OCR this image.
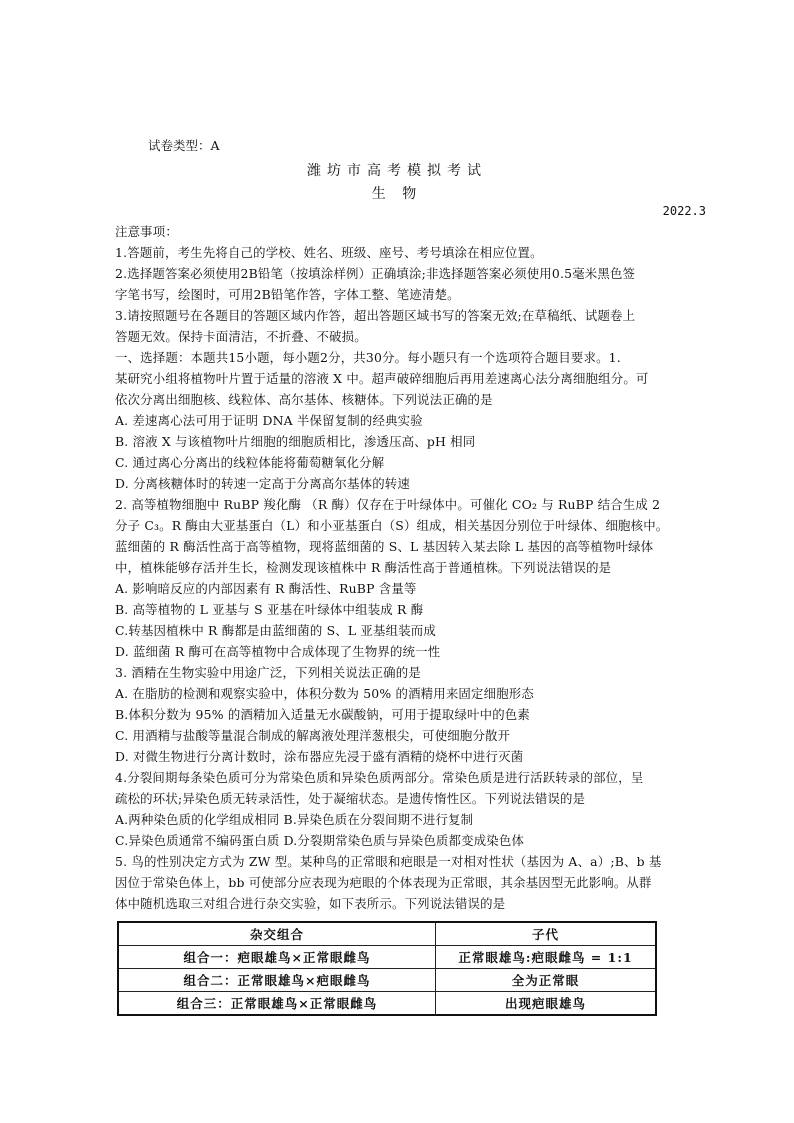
试卷类型：A
潍坊市高考模拟考试
生 物
2022.3
注意事项：
1.答题前，考生先将自己的学校、姓名、班级、座号、考号填涂在相应位置。
2.选择题答案必须使用2B铅笔（按填涂样例）正确填涂;非选择题答案必须使用0.5毫米黑色签
字笔书写，绘图时，可用2B铅笔作答，字体工整、笔迹清楚。
3.请按照题号在各题目的答题区域内作答，超出答题区域书写的答案无效;在草稿纸、试题卷上
答题无效。保持卡面清洁，不折叠、不破损。
一、选择题：本题共15小题，每小题2分，共30分。每小题只有一个选项符合题目要求。1.
某研究小组将植物叶片置于适量的溶液 X 中。超声破碎细胞后再用差速离心法分离细胞组分。可
依次分离出细胞核、线粒体、高尔基体、核糖体。下列说法正确的是
A. 差速离心法可用于证明 DNA 半保留复制的经典实验
B. 溶液 X 与该植物叶片细胞的细胞质相比，渗透压高、pH 相同
C. 通过离心分离出的线粒体能将葡萄糖氧化分解
D. 分离核糖体时的转速一定高于分离高尔基体的转速
2. 高等植物细胞中 RuBP 羧化酶 （R 酶）仅存在于叶绿体中。可催化 CO₂ 与 RuBP 结合生成 2
分子 C₃。R 酶由大亚基蛋白（L）和小亚基蛋白（S）组成，相关基因分别位于叶绿体、细胞核中。
蓝细菌的 R 酶活性高于高等植物，现将蓝细菌的 S、L 基因转入某去除 L 基因的高等植物叶绿体
中，植株能够存活并生长，检测发现该植株中 R 酶活性高于普通植株。下列说法错误的是
A. 影响暗反应的内部因素有 R 酶活性、RuBP 含量等
B. 高等植物的 L 亚基与 S 亚基在叶绿体中组装成 R 酶
C.转基因植株中 R 酶都是由蓝细菌的 S、L 亚基组装而成
D. 蓝细菌 R 酶可在高等植物中合成体现了生物界的统一性
3. 酒精在生物实验中用途广泛，下列相关说法正确的是
A. 在脂肪的检测和观察实验中，体积分数为 50% 的酒精用来固定细胞形态
B.体积分数为 95% 的酒精加入适量无水碳酸钠，可用于提取绿叶中的色素
C. 用酒精与盐酸等量混合制成的解离液处理洋葱根尖，可使细胞分散开
D. 对微生物进行分离计数时，涂布器应先浸于盛有酒精的烧杯中进行灭菌
4.分裂间期每条染色质可分为常染色质和异染色质两部分。常染色质是进行活跃转录的部位，呈
疏松的环状;异染色质无转录活性，处于凝缩状态。是遗传惰性区。下列说法错误的是
A.两种染色质的化学组成相同 B.异染色质在分裂间期不进行复制
C.异染色质通常不编码蛋白质 D.分裂期常染色质与异染色质都变成染色体
5. 鸟的性别决定方式为 ZW 型。某种鸟的正常眼和疤眼是一对相对性状（基因为 A、a）;B、b 基
因位于常染色体上，bb 可使部分应表现为疤眼的个体表现为正常眼，其余基因型无此影响。从群
体中随机选取三对组合进行杂交实验，如下表所示。下列说法错误的是
杂交组合	子代
组合一：疤眼雄鸟×正常眼雌鸟	正常眼雄鸟:疤眼雌鸟 = 1:1
组合二：正常眼雄鸟×疤眼雌鸟	全为正常眼
组合三：正常眼雄鸟×正常眼雌鸟	出现疤眼雄鸟
